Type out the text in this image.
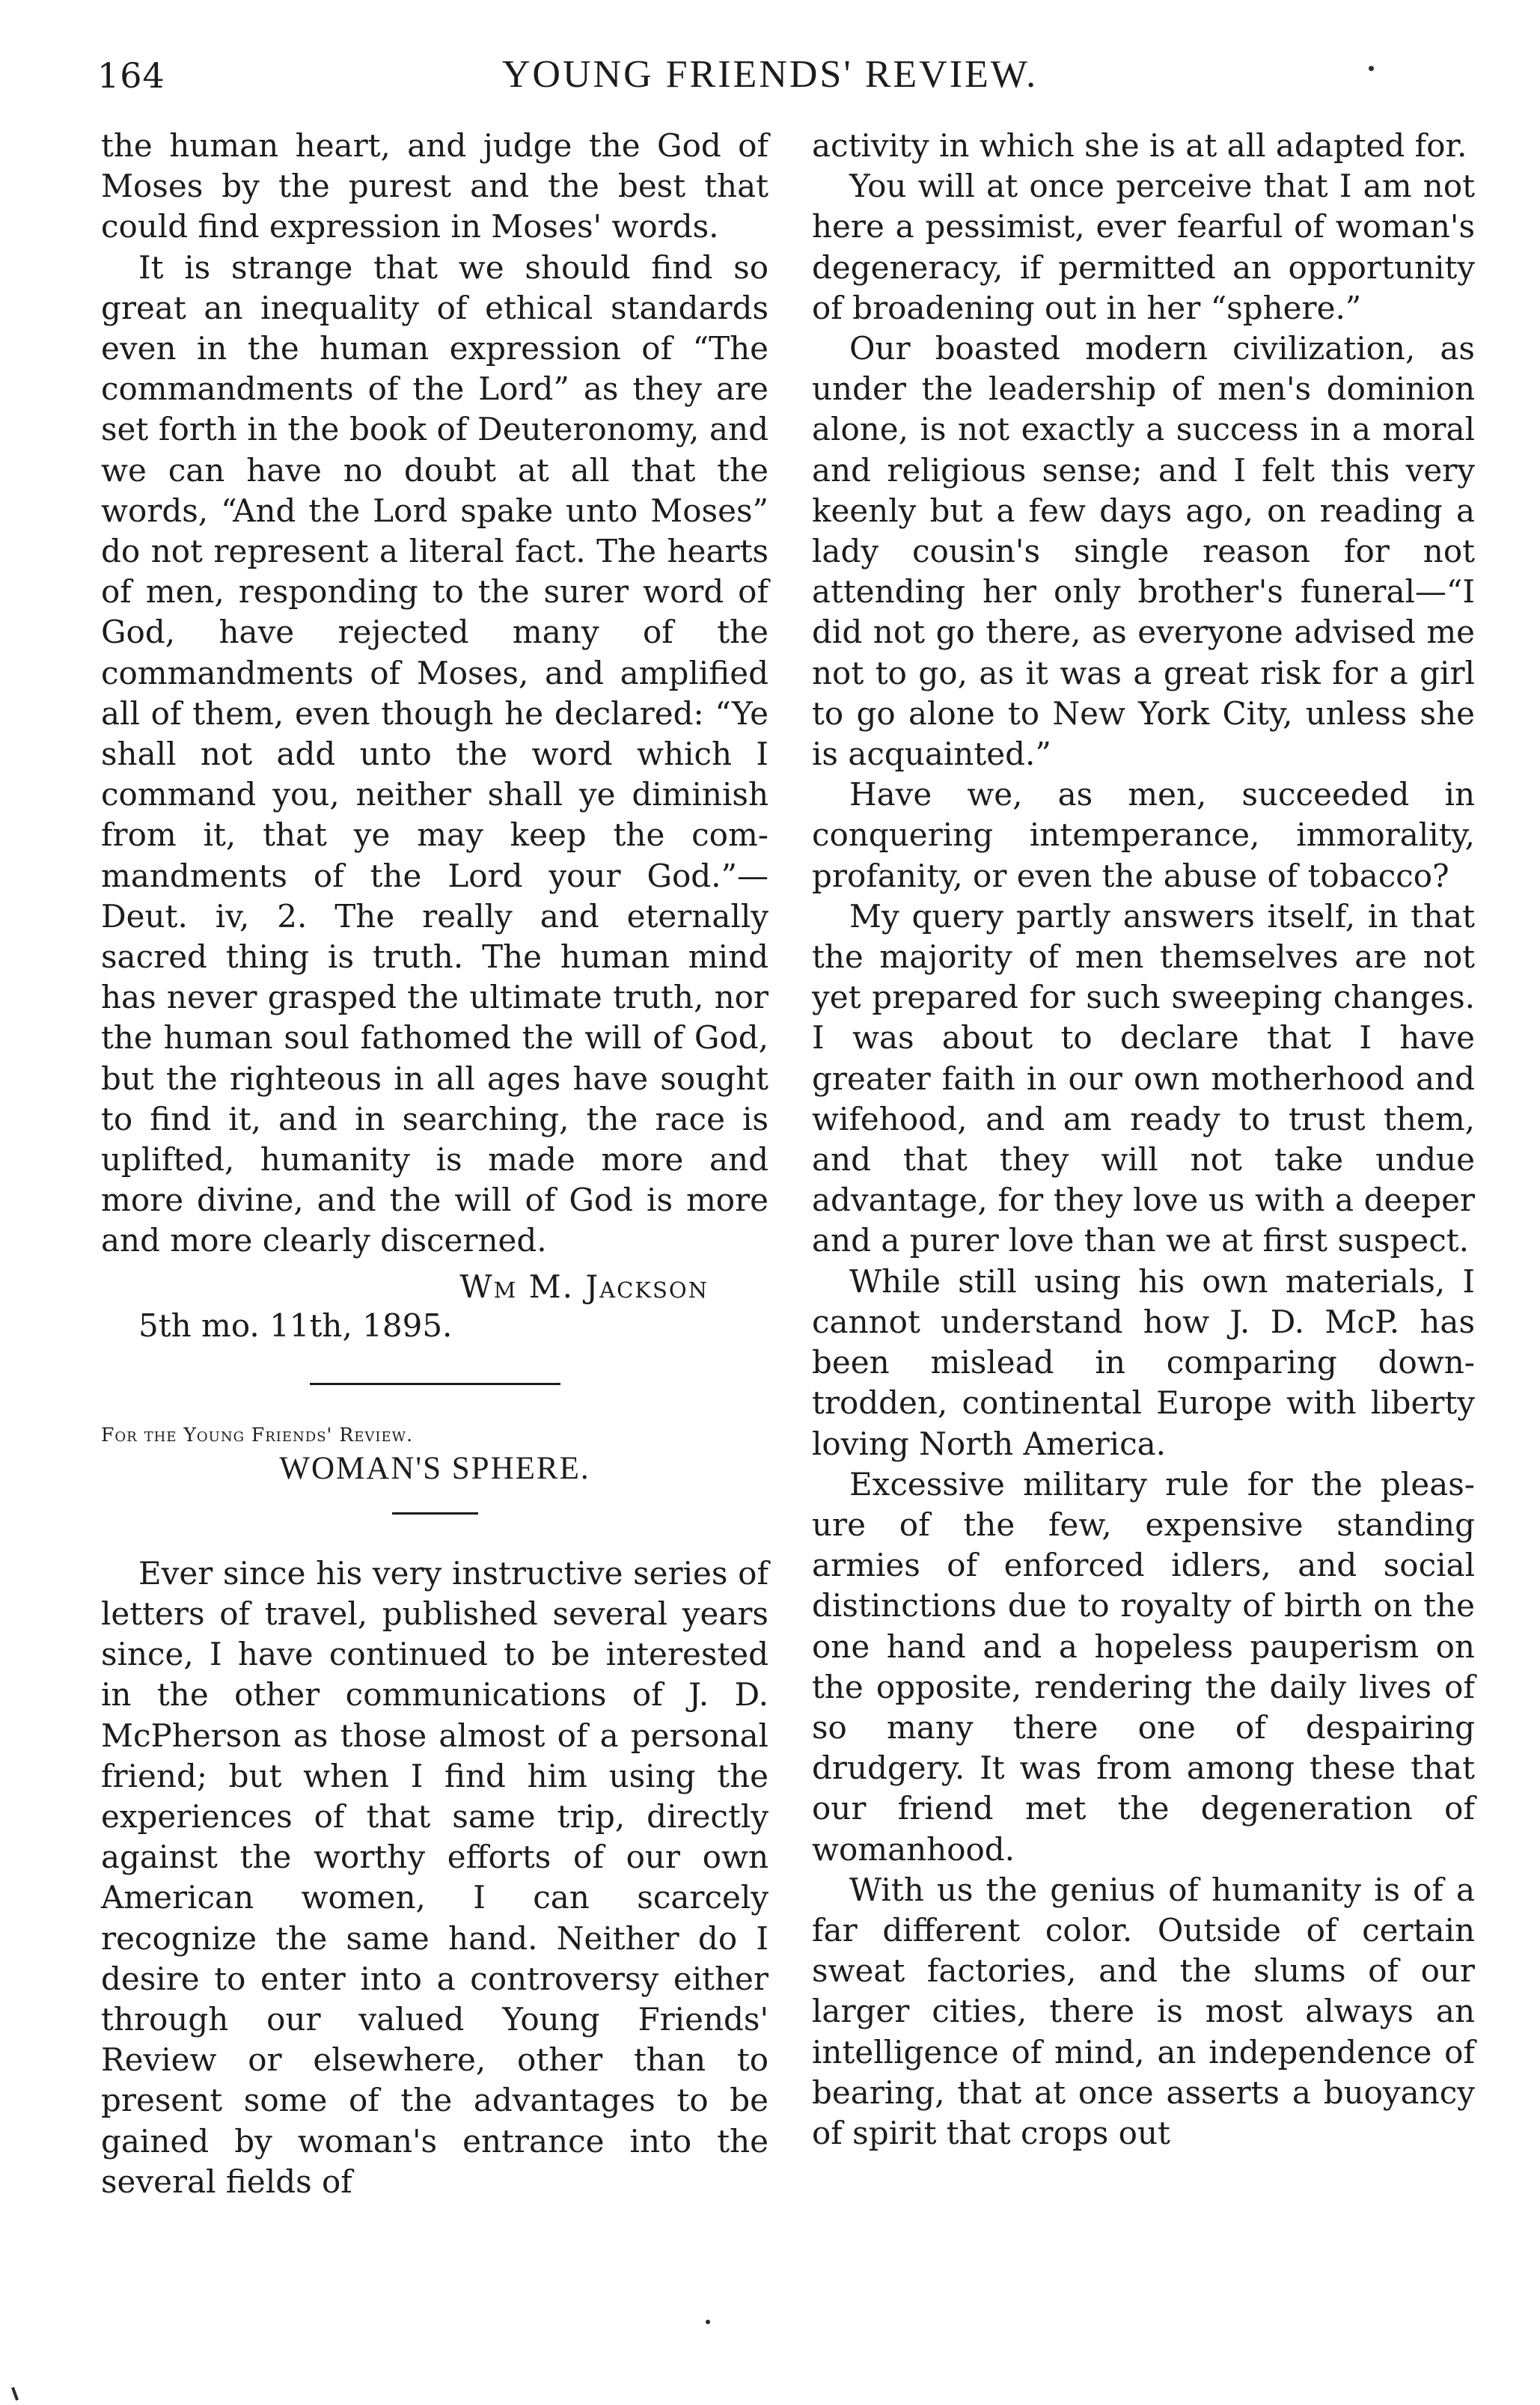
164	YOUNG FRIENDS' REVIEW.

the human heart, and judge the God of Moses by the purest and the best that could find expression in Moses' words.

It is strange that we should find so great an inequality of ethical standards even in the human expression of “The commandments of the Lord” as they are set forth in the book of Deuteronomy, and we can have no doubt at all that the words, “And the Lord spake unto Moses” do not represent a literal fact. The hearts of men, responding to the surer word of God, have rejected many of the commandments of Moses, and amplified all of them, even though he declared: “Ye shall not add unto the word which I command you, neither shall ye diminish from it, that ye may keep the commandments of the Lord your God.”— Deut. iv, 2. The really and eternally sacred thing is truth. The human mind has never grasped the ultimate truth, nor the human soul fathomed the will of God, but the righteous in all ages have sought to find it, and in searching, the race is uplifted, humanity is made more and more divine, and the will of God is more and more clearly discerned.

Wm M. Jackson
5th mo. 11th, 1895.
For the Young Friends' Review.
WOMAN'S SPHERE.

Ever since his very instructive series of letters of travel, published several years since, I have continued to be interested in the other communications of J. D. McPherson as those almost of a personal friend; but when I find him using the experiences of that same trip, directly against the worthy efforts of our own American women, I can scarcely recognize the same hand. Neither do I desire to enter into a controversy either through our valued Young Friends' Review or elsewhere, other than to present some of the advantages to be gained by woman's entrance into the several fields of

activity in which she is at all adapted for.

You will at once perceive that I am not here a pessimist, ever fearful of woman's degeneracy, if permitted an opportunity of broadening out in her “sphere.”

Our boasted modern civilization, as under the leadership of men's dominion alone, is not exactly a success in a moral and religious sense; and I felt this very keenly but a few days ago, on reading a lady cousin's single reason for not attending her only brother's funeral—“I did not go there, as everyone advised me not to go, as it was a great risk for a girl to go alone to New York City, unless she is acquainted.”

Have we, as men, succeeded in conquering intemperance, immorality, profanity, or even the abuse of tobacco?

My query partly answers itself, in that the majority of men themselves are not yet prepared for such sweeping changes. I was about to declare that I have greater faith in our own motherhood and wifehood, and am ready to trust them, and that they will not take undue advantage, for they love us with a deeper and a purer love than we at first suspect.

While still using his own materials, I cannot understand how J. D. McP. has been mislead in comparing downtrodden, continental Europe with liberty loving North America.

Excessive military rule for the pleasure of the few, expensive standing armies of enforced idlers, and social distinctions due to royalty of birth on the one hand and a hopeless pauperism on the opposite, rendering the daily lives of so many there one of despairing drudgery. It was from among these that our friend met the degeneration of womanhood.

With us the genius of humanity is of a far different color. Outside of certain sweat factories, and the slums of our larger cities, there is most always an intelligence of mind, an independence of bearing, that at once asserts a buoyancy of spirit that crops out
